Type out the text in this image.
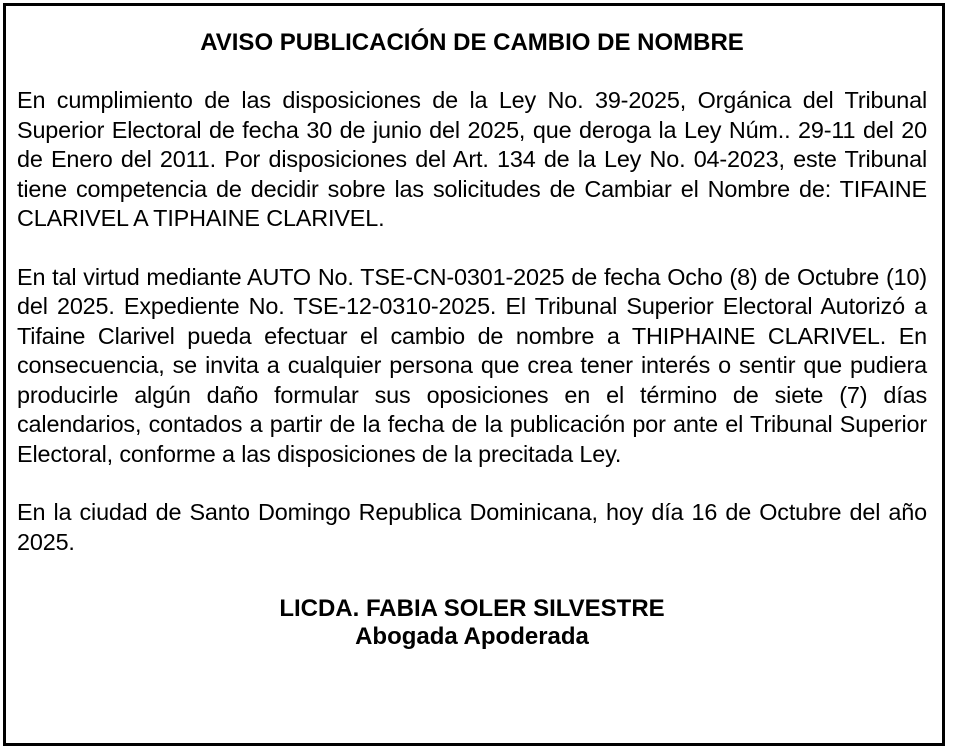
AVISO PUBLICACIÓN DE CAMBIO DE NOMBRE
En cumplimiento de las disposiciones de la Ley No. 39-2025, Orgánica del Tribunal Superior Electoral de fecha 30 de junio del 2025, que deroga la Ley Núm.. 29-11 del 20 de Enero del 2011. Por disposiciones del Art. 134 de la Ley No. 04-2023, este Tribunal tiene competencia de decidir sobre las solicitudes de Cambiar el Nombre de: TIFAINE CLARIVEL A TIPHAINE CLARIVEL.
En tal virtud mediante AUTO No. TSE-CN-0301-2025 de fecha Ocho (8) de Octubre (10) del 2025. Expediente No. TSE-12-0310-2025. El Tribunal Superior Electoral Autorizó a Tifaine Clarivel pueda efectuar el cambio de nombre a THIPHAINE CLARIVEL. En consecuencia, se invita a cualquier persona que crea tener interés o sentir que pudiera producirle algún daño formular sus oposiciones en el término de siete (7) días calendarios, contados a partir de la fecha de la publicación por ante el Tribunal Superior Electoral, conforme a las disposiciones de la precitada Ley.
En la ciudad de Santo Domingo Republica Dominicana, hoy día 16 de Octubre del año 2025.
LICDA. FABIA SOLER SILVESTRE
Abogada Apoderada
